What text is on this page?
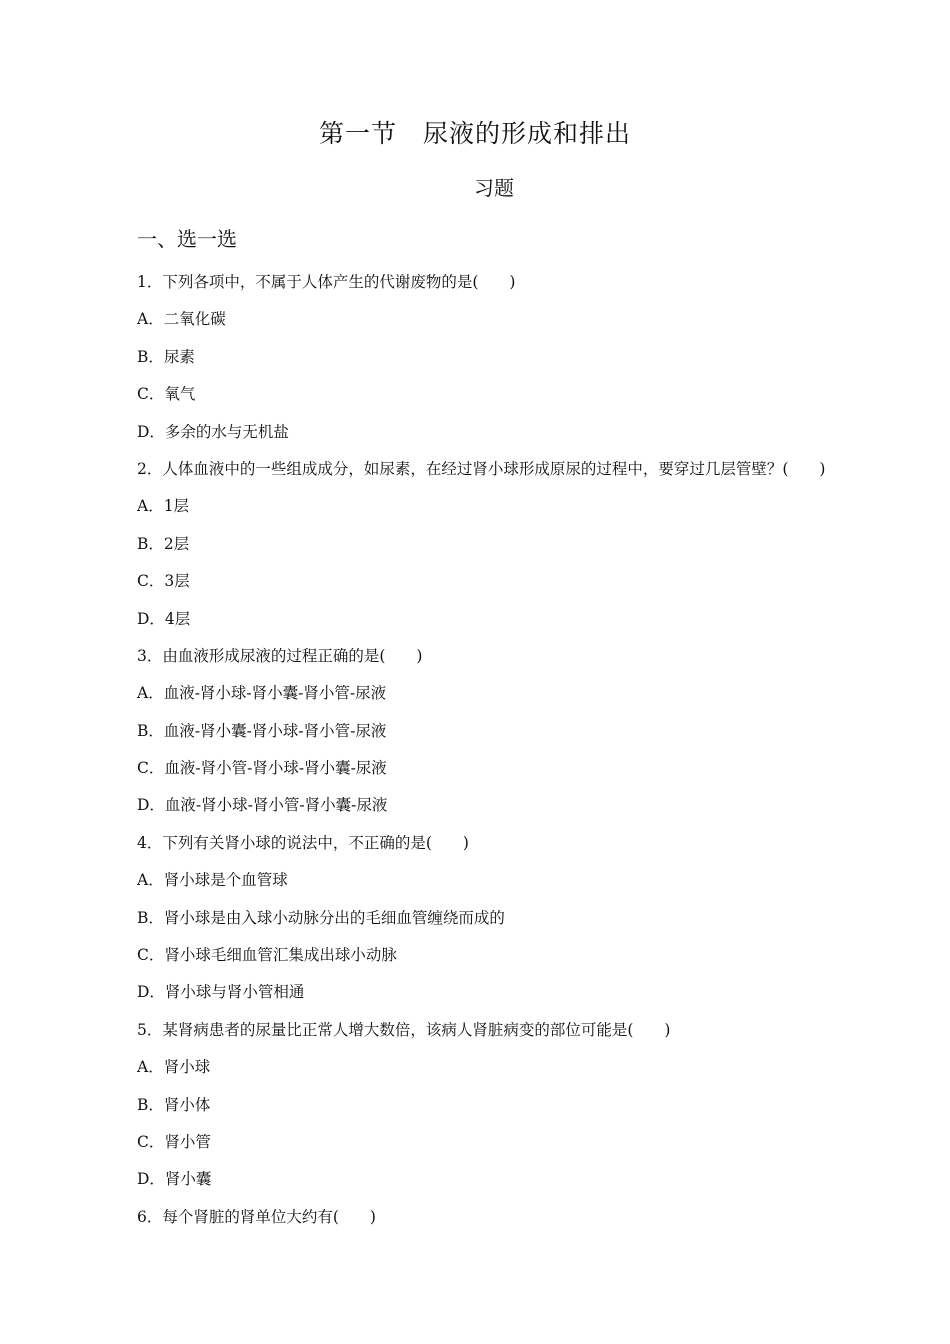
第一节　尿液的形成和排出
习题
一、选一选
1．下列各项中，不属于人体产生的代谢废物的是(　　)
A．二氧化碳
B．尿素
C．氧气
D．多余的水与无机盐
2．人体血液中的一些组成成分，如尿素，在经过肾小球形成原尿的过程中，要穿过几层管壁？(　　)
A．1层
B．2层
C．3层
D．4层
3．由血液形成尿液的过程正确的是(　　)
A．血液-肾小球-肾小囊-肾小管-尿液
B．血液-肾小囊-肾小球-肾小管-尿液
C．血液-肾小管-肾小球-肾小囊-尿液
D．血液-肾小球-肾小管-肾小囊-尿液
4．下列有关肾小球的说法中，不正确的是(　　)
A．肾小球是个血管球
B．肾小球是由入球小动脉分出的毛细血管缠绕而成的
C．肾小球毛细血管汇集成出球小动脉
D．肾小球与肾小管相通
5．某肾病患者的尿量比正常人增大数倍，该病人肾脏病变的部位可能是(　　)
A．肾小球
B．肾小体
C．肾小管
D．肾小囊
6．每个肾脏的肾单位大约有(　　)
